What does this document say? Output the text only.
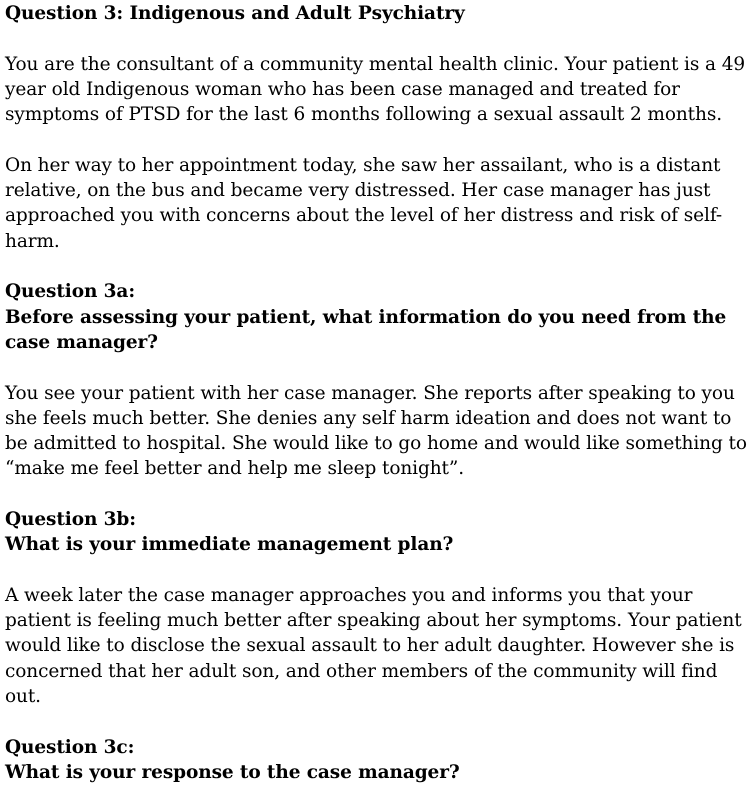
Question 3: Indigenous and Adult Psychiatry

You are the consultant of a community mental health clinic. Your patient is a 49 year old Indigenous woman who has been case managed and treated for symptoms of PTSD for the last 6 months following a sexual assault 2 months.

On her way to her appointment today, she saw her assailant, who is a distant relative, on the bus and became very distressed. Her case manager has just approached you with concerns about the level of her distress and risk of self-harm.

Question 3a:

Before assessing your patient, what information do you need from the case manager?

You see your patient with her case manager. She reports after speaking to you she feels much better. She denies any self harm ideation and does not want to be admitted to hospital. She would like to go home and would like something to “make me feel better and help me sleep tonight”.

Question 3b:

What is your immediate management plan?

A week later the case manager approaches you and informs you that your patient is feeling much better after speaking about her symptoms. Your patient would like to disclose the sexual assault to her adult daughter. However she is concerned that her adult son, and other members of the community will find out.

Question 3c:

What is your response to the case manager?
